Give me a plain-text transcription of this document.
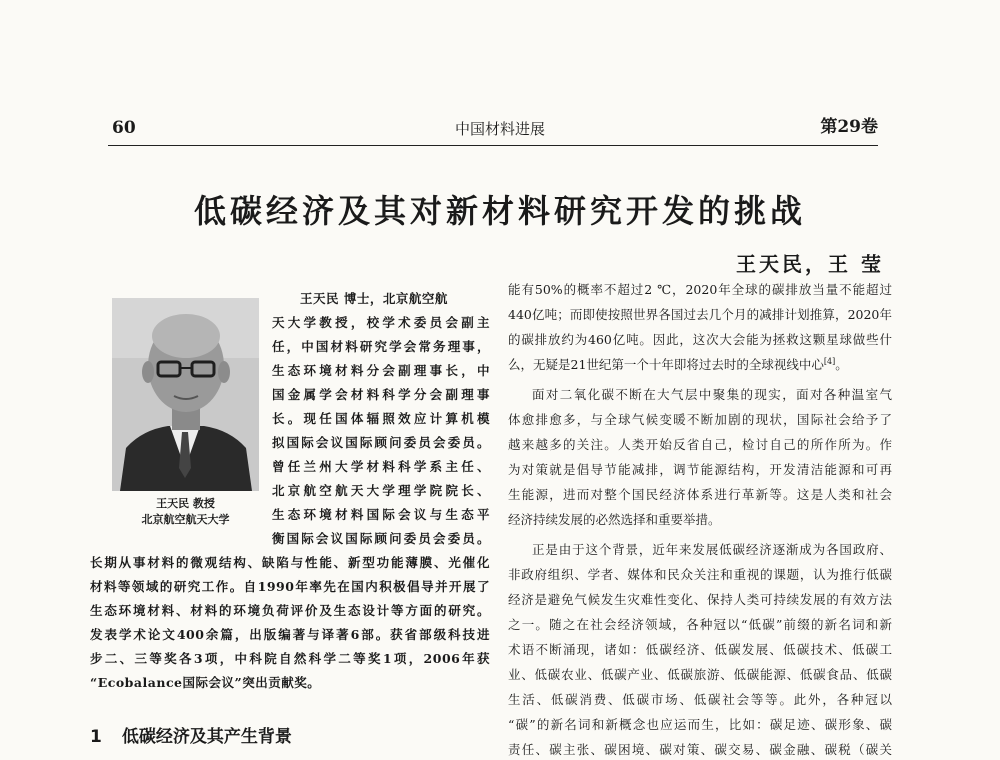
60	中国材料进展	第29卷
低碳经济及其对新材料研究开发的挑战
王天民，王 莹
王天民 教授
北京航空航天大学
王天民 博士，北京航空航
天大学教授，校学术委员会副主
任，中国材料研究学会常务理事，
生态环境材料分会副理事长，中
国金属学会材料科学分会副理事
长。现任国体辐照效应计算机模
拟国际会议国际顾问委员会委员。
曾任兰州大学材料科学系主任、
北京航空航天大学理学院院长、
生态环境材料国际会议与生态平
衡国际会议国际顾问委员会委员。
长期从事材料的微观结构、缺陷与性能、新型功能薄膜、光催化
材料等领域的研究工作。自1990年率先在国内积极倡导并开展了
生态环境材料、材料的环境负荷评价及生态设计等方面的研究。
发表学术论文400余篇，出版编著与译著6部。获省部级科技进
步二、三等奖各3项，中科院自然科学二等奖1项，2006年获
“Ecobalance国际会议”突出贡献奖。
能有50%的概率不超过2 ℃，2020年全球的碳排放当量不能超过
440亿吨；而即使按照世界各国过去几个月的减排计划推算，2020年
的碳排放约为460亿吨。因此，这次大会能为拯救这颗星球做些什
么，无疑是21世纪第一个十年即将过去时的全球视线中心[4]。
面对二氧化碳不断在大气层中聚集的现实，面对各种温室气
体愈排愈多，与全球气候变暖不断加剧的现状，国际社会给予了
越来越多的关注。人类开始反省自己，检讨自己的所作所为。作
为对策就是倡导节能减排，调节能源结构，开发清洁能源和可再
生能源，进而对整个国民经济体系进行革新等。这是人类和社会
经济持续发展的必然选择和重要举措。
正是由于这个背景，近年来发展低碳经济逐渐成为各国政府、
非政府组织、学者、媒体和民众关注和重视的课题，认为推行低碳
经济是避免气候发生灾难性变化、保持人类可持续发展的有效方法
之一。随之在社会经济领域，各种冠以“低碳”前缀的新名词和新
术语不断涌现，诸如：低碳经济、低碳发展、低碳技术、低碳工
业、低碳农业、低碳产业、低碳旅游、低碳能源、低碳食品、低碳
生活、低碳消费、低碳市场、低碳社会等等。此外，各种冠以
“碳”的新名词和新概念也应运而生，比如：碳足迹、碳形象、碳
责任、碳主张、碳困境、碳对策、碳交易、碳金融、碳税（碳关
1 低碳经济及其产生背景
